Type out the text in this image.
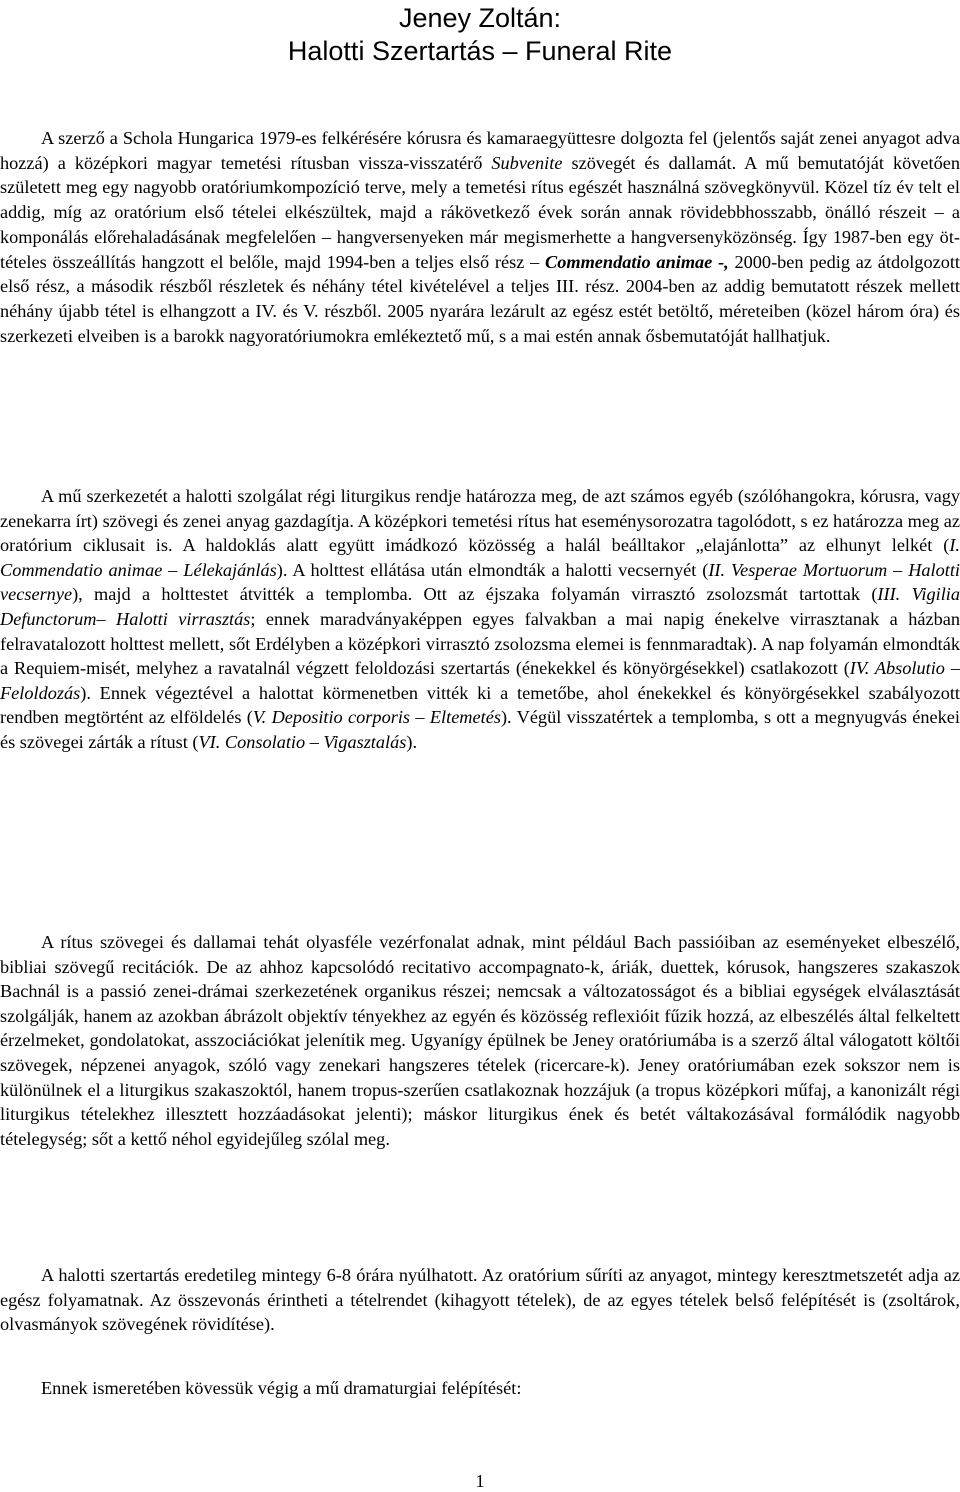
Jeney Zoltán:
Halotti Szertartás – Funeral Rite

A szerző a Schola Hungarica 1979-es felkérésére kórusra és kamaraegyüttesre dolgozta fel (jelentős saját zenei anyagot adva hozzá) a középkori magyar temetési rítusban vissza-visszatérő Subvenite szövegét és dallamát. A mű bemutatóját követően született meg egy nagyobb oratóriumkompozíció terve, mely a temetési rítus egészét használná szövegkönyvül. Közel tíz év telt el addig, míg az oratórium első tételei elkészültek, majd a rákövetkező évek során annak rövidebbhosszabb, önálló részeit – a komponálás előrehaladásának megfelelően – hangversenyeken már megismerhette a hangversenyközönség. Így 1987-ben egy öt-tételes összeállítás hangzott el belőle, majd 1994-ben a teljes első rész – Commendatio animae -, 2000-ben pedig az átdolgozott első rész, a második részből részletek és néhány tétel kivételével a teljes III. rész. 2004-ben az addig bemutatott részek mellett néhány újabb tétel is elhangzott a IV. és V. részből. 2005 nyarára lezárult az egész estét betöltő, méreteiben (közel három óra) és szerkezeti elveiben is a barokk nagyoratóriumokra emlékeztető mű, s a mai estén annak ősbemutatóját hallhatjuk.

A mű szerkezetét a halotti szolgálat régi liturgikus rendje határozza meg, de azt számos egyéb (szólóhangokra, kórusra, vagy zenekarra írt) szövegi és zenei anyag gazdagítja. A középkori temetési rítus hat eseménysorozatra tagolódott, s ez határozza meg az oratórium ciklusait is. A haldoklás alatt együtt imádkozó közösség a halál beálltakor „elajánlotta” az elhunyt lelkét (I. Commendatio animae – Lélekajánlás). A holttest ellátása után elmondták a halotti vecsernyét (II. Vesperae Mortuorum – Halotti vecsernye), majd a holttestet átvitték a templomba. Ott az éjszaka folyamán virrasztó zsolozsmát tartottak (III. Vigilia Defunctorum– Halotti virrasztás; ennek maradványaképpen egyes falvakban a mai napig énekelve virrasztanak a házban felravatalozott holttest mellett, sőt Erdélyben a középkori virrasztó zsolozsma elemei is fennmaradtak). A nap folyamán elmondták a Requiem-misét, melyhez a ravatalnál végzett feloldozási szertartás (énekekkel és könyörgésekkel) csatlakozott (IV. Absolutio – Feloldozás). Ennek végeztével a halottat körmenetben vitték ki a temetőbe, ahol énekekkel és könyörgésekkel szabályozott rendben megtörtént az elföldelés (V. Depositio corporis – Eltemetés). Végül visszatértek a templomba, s ott a megnyugvás énekei és szövegei zárták a rítust (VI. Consolatio – Vigasztalás).

A rítus szövegei és dallamai tehát olyasféle vezérfonalat adnak, mint például Bach passióiban az eseményeket elbeszélő, bibliai szövegű recitációk. De az ahhoz kapcsolódó recitativo accompagnato-k, áriák, duettek, kórusok, hangszeres szakaszok Bachnál is a passió zenei-drámai szerkezetének organikus részei; nemcsak a változatosságot és a bibliai egységek elválasztását szolgálják, hanem az azokban ábrázolt objektív tényekhez az egyén és közösség reflexióit fűzik hozzá, az elbeszélés által felkeltett érzelmeket, gondolatokat, asszociációkat jelenítik meg. Ugyanígy épülnek be Jeney oratóriumába is a szerző által válogatott költői szövegek, népzenei anyagok, szóló vagy zenekari hangszeres tételek (ricercare-k). Jeney oratóriumában ezek sokszor nem is különülnek el a liturgikus szakaszoktól, hanem tropus-szerűen csatlakoznak hozzájuk (a tropus középkori műfaj, a kanonizált régi liturgikus tételekhez illesztett hozzáadásokat jelenti); máskor liturgikus ének és betét váltakozásával formálódik nagyobb tételegység; sőt a kettő néhol egyidejűleg szólal meg.

A halotti szertartás eredetileg mintegy 6-8 órára nyúlhatott. Az oratórium sűríti az anyagot, mintegy keresztmetszetét adja az egész folyamatnak. Az összevonás érintheti a tételrendet (kihagyott tételek), de az egyes tételek belső felépítését is (zsoltárok, olvasmányok szövegének rövidítése).

Ennek ismeretében kövessük végig a mű dramaturgiai felépítését:

1
